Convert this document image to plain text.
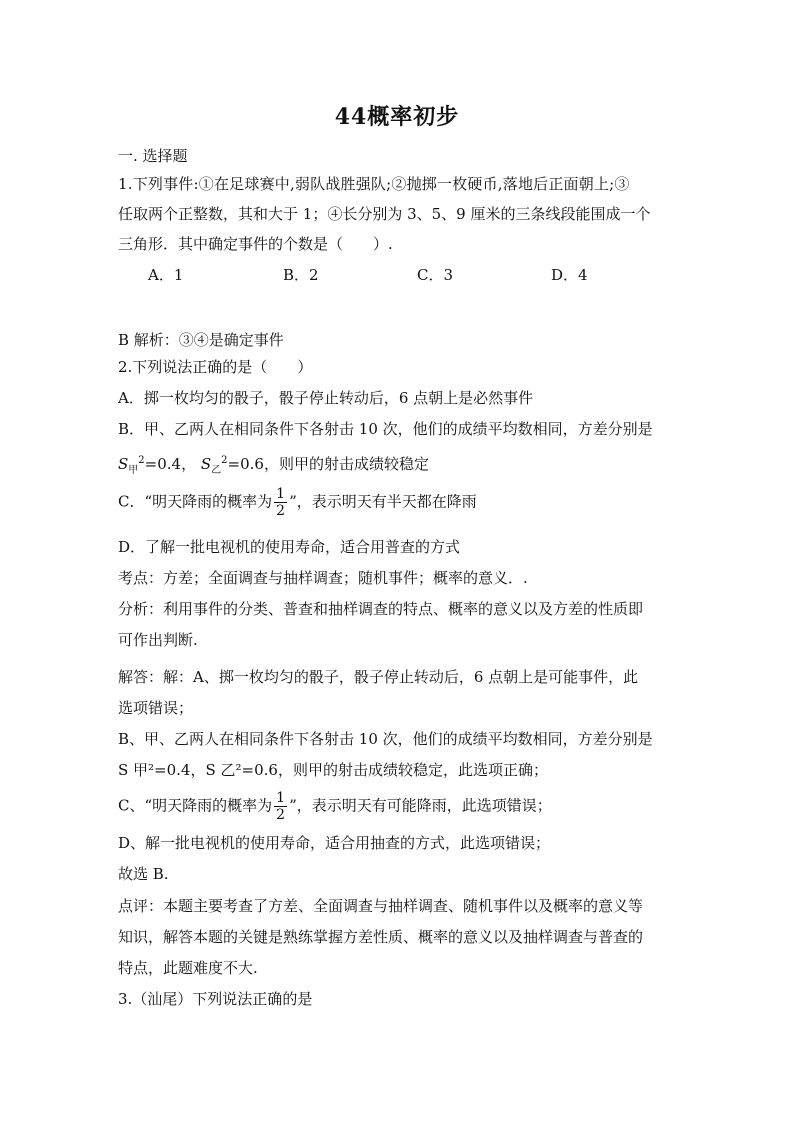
44概率初步
一. 选择题
1.下列事件:①在足球赛中,弱队战胜强队;②抛掷一枚硬币,落地后正面朝上;③
任取两个正整数，其和大于 1；④长分别为 3、5、9 厘米的三条线段能围成一个
三角形．其中确定事件的个数是（　　）.
A．1	B．2	C．3	D．4
B 解析：③④是确定事件
2.下列说法正确的是（　　）
A．掷一枚均匀的骰子，骰子停止转动后，6 点朝上是必然事件
B．甲、乙两人在相同条件下各射击 10 次，他们的成绩平均数相同，方差分别是
$S_甲^2=0.4$， $S_乙^2=0.6$，则甲的射击成绩较稳定
C．“明天降雨的概率为 $\frac{1}{2}$ ”，表示明天有半天都在降雨
D．了解一批电视机的使用寿命，适合用普查的方式
考点：方差；全面调查与抽样调查；随机事件；概率的意义．.
分析：利用事件的分类、普查和抽样调查的特点、概率的意义以及方差的性质即
可作出判断.
解答：解：A、掷一枚均匀的骰子，骰子停止转动后，6 点朝上是可能事件，此
选项错误；
B、甲、乙两人在相同条件下各射击 10 次，他们的成绩平均数相同，方差分别是
S 甲²=0.4，S 乙²=0.6，则甲的射击成绩较稳定，此选项正确；
C、“明天降雨的概率为 $\frac{1}{2}$ ”，表示明天有可能降雨，此选项错误；
D、解一批电视机的使用寿命，适合用抽查的方式，此选项错误；
故选 B.
点评：本题主要考查了方差、全面调查与抽样调查、随机事件以及概率的意义等
知识，解答本题的关键是熟练掌握方差性质、概率的意义以及抽样调查与普查的
特点，此题难度不大.
3.（汕尾）下列说法正确的是
